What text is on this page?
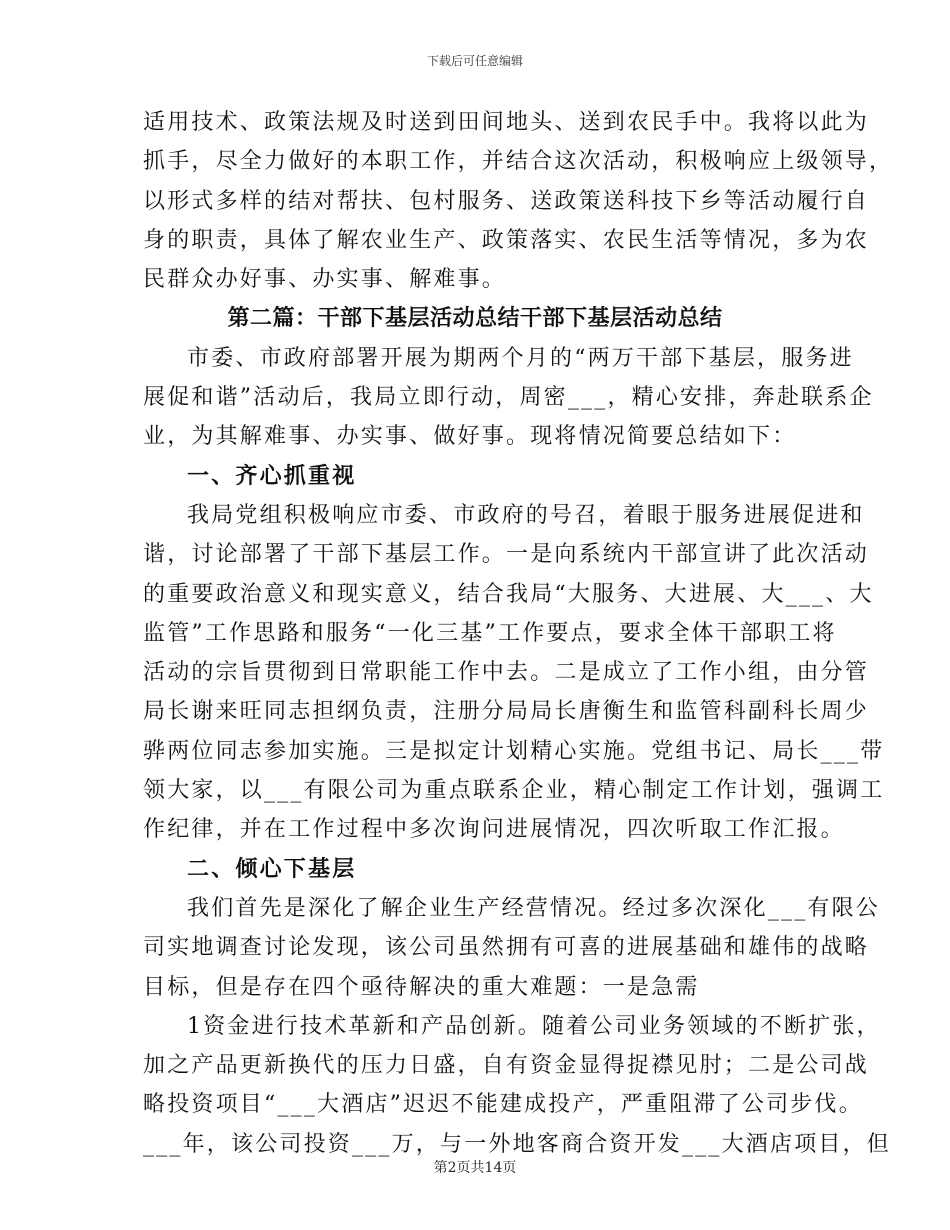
下载后可任意编辑
适用技术、政策法规及时送到田间地头、送到农民手中。我将以此为
抓手，尽全力做好的本职工作，并结合这次活动，积极响应上级领导，
以形式多样的结对帮扶、包村服务、送政策送科技下乡等活动履行自
身的职责，具体了解农业生产、政策落实、农民生活等情况，多为农
民群众办好事、办实事、解难事。
第二篇：干部下基层活动总结干部下基层活动总结
市委、市政府部署开展为期两个月的“两万干部下基层，服务进
展促和谐”活动后，我局立即行动，周密___，精心安排，奔赴联系企
业，为其解难事、办实事、做好事。现将情况简要总结如下：
一、齐心抓重视
我局党组积极响应市委、市政府的号召，着眼于服务进展促进和
谐，讨论部署了干部下基层工作。一是向系统内干部宣讲了此次活动
的重要政治意义和现实意义，结合我局“大服务、大进展、大___、大
监管”工作思路和服务“一化三基”工作要点，要求全体干部职工将
活动的宗旨贯彻到日常职能工作中去。二是成立了工作小组，由分管
局长谢来旺同志担纲负责，注册分局局长唐衡生和监管科副科长周少
骅两位同志参加实施。三是拟定计划精心实施。党组书记、局长___带
领大家，以___有限公司为重点联系企业，精心制定工作计划，强调工
作纪律，并在工作过程中多次询问进展情况，四次听取工作汇报。
二、倾心下基层
我们首先是深化了解企业生产经营情况。经过多次深化___有限公
司实地调查讨论发现，该公司虽然拥有可喜的进展基础和雄伟的战略
目标，但是存在四个亟待解决的重大难题：一是急需
1资金进行技术革新和产品创新。随着公司业务领域的不断扩张，
加之产品更新换代的压力日盛，自有资金显得捉襟见肘；二是公司战
略投资项目“___大酒店”迟迟不能建成投产，严重阻滞了公司步伐。
___年，该公司投资___万，与一外地客商合资开发___大酒店项目，但
第2页共14页
